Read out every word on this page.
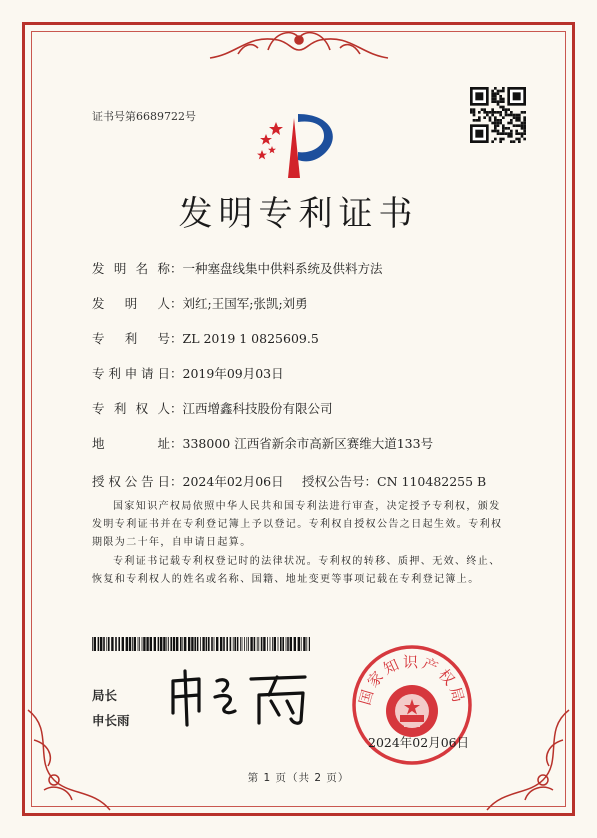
证书号第6689722号
发明专利证书
发 明 名 称：一种塞盘线集中供料系统及供料方法
发 明 人：刘红;王国军;张凯;刘勇
专 利 号：ZL 2019 1 0825609.5
专利申请日：2019年09月03日
专 利 权 人：江西增鑫科技股份有限公司
地 址：338000 江西省新余市高新区赛维大道133号
授权公告日：2024年02月06日 授权公告号：CN 110482255 B
国家知识产权局依照中华人民共和国专利法进行审查，决定授予专利权，颁发发明专利证书并在专利登记簿上予以登记。专利权自授权公告之日起生效。专利权期限为二十年，自申请日起算。
专利证书记载专利权登记时的法律状况。专利权的转移、质押、无效、终止、恢复和专利权人的姓名或名称、国籍、地址变更等事项记载在专利登记簿上。
局长
申长雨
国家知识产权局
2024年02月06日
第 1 页（共 2 页）
